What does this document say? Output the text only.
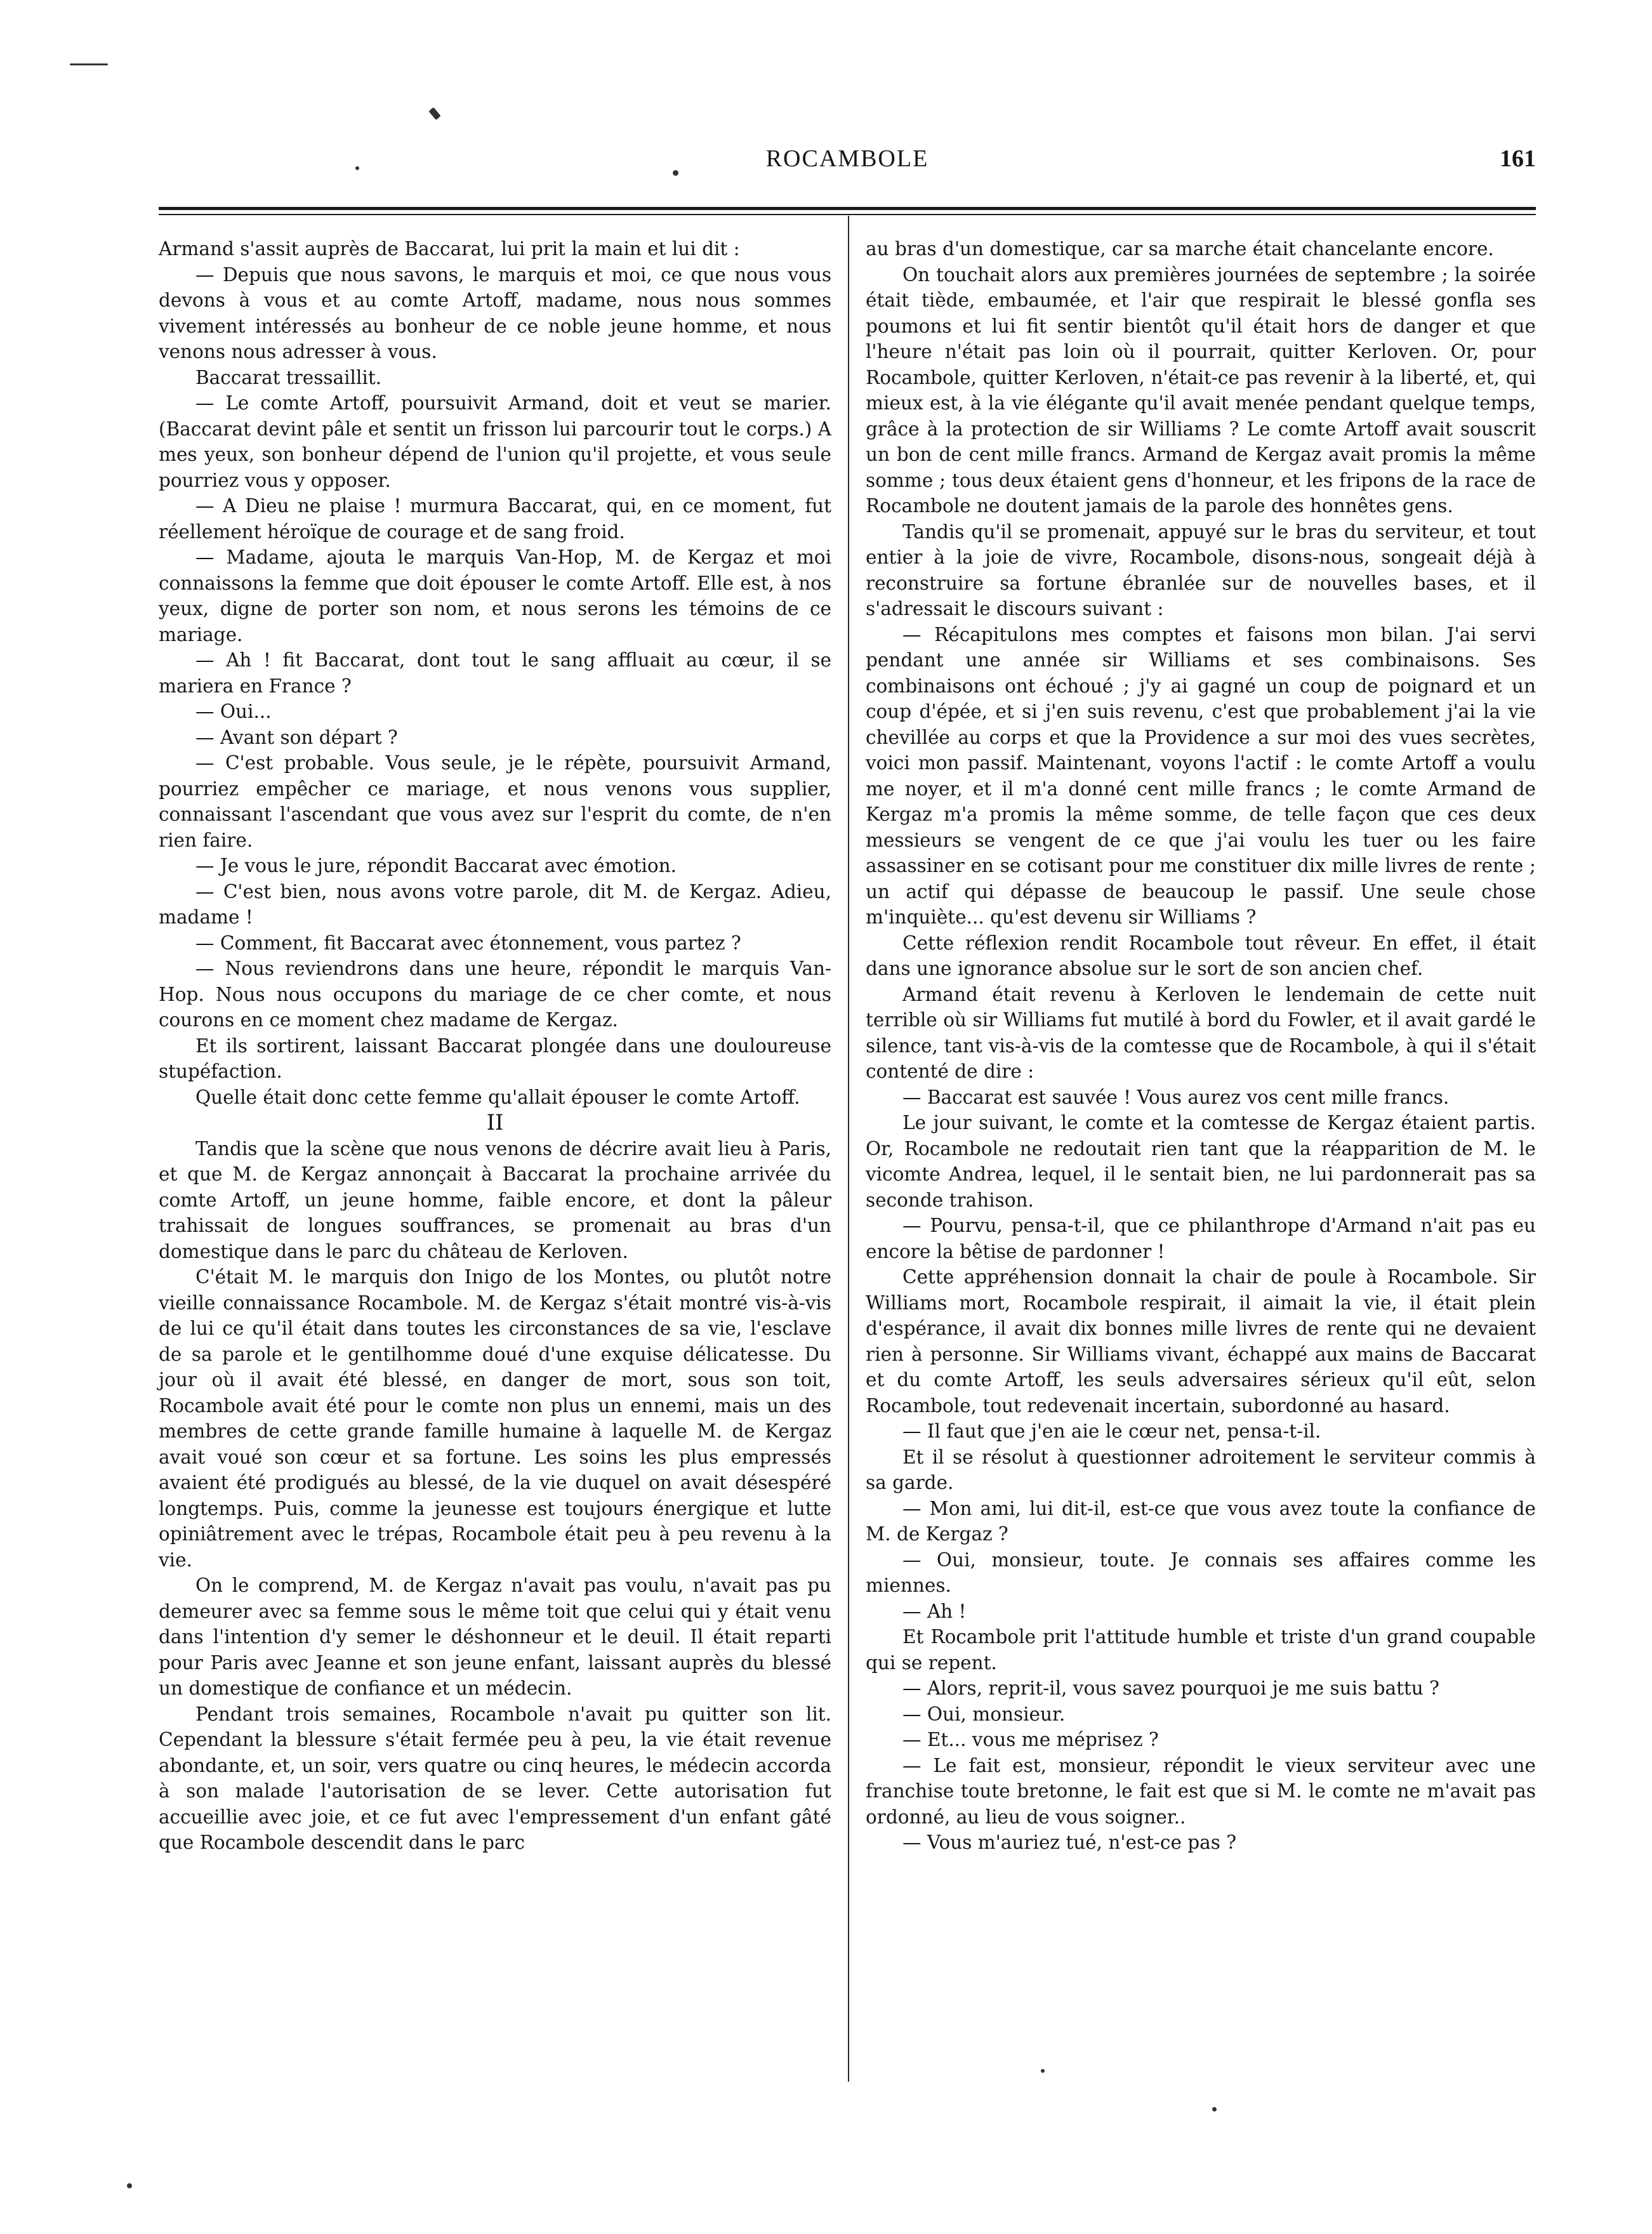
ROCAMBOLE	161

Armand s'assit auprès de Baccarat, lui prit la main et lui dit :

— Depuis que nous savons, le marquis et moi, ce que nous vous devons à vous et au comte Artoff, madame, nous nous sommes vivement intéressés au bonheur de ce noble jeune homme, et nous venons nous adresser à vous.

Baccarat tressaillit.

— Le comte Artoff, poursuivit Armand, doit et veut se marier. (Baccarat devint pâle et sentit un frisson lui parcourir tout le corps.) A mes yeux, son bonheur dépend de l'union qu'il projette, et vous seule pourriez vous y opposer.

— A Dieu ne plaise ! murmura Baccarat, qui, en ce moment, fut réellement héroïque de courage et de sang froid.

— Madame, ajouta le marquis Van-Hop, M. de Kergaz et moi connaissons la femme que doit épouser le comte Artoff. Elle est, à nos yeux, digne de porter son nom, et nous serons les témoins de ce mariage.

— Ah ! fit Baccarat, dont tout le sang affluait au cœur, il se mariera en France ?

— Oui...

— Avant son départ ?

— C'est probable. Vous seule, je le répète, poursuivit Armand, pourriez empêcher ce mariage, et nous venons vous supplier, connaissant l'ascendant que vous avez sur l'esprit du comte, de n'en rien faire.

— Je vous le jure, répondit Baccarat avec émotion.

— C'est bien, nous avons votre parole, dit M. de Kergaz. Adieu, madame !

— Comment, fit Baccarat avec étonnement, vous partez ?

— Nous reviendrons dans une heure, répondit le marquis Van-Hop. Nous nous occupons du mariage de ce cher comte, et nous courons en ce moment chez madame de Kergaz.

Et ils sortirent, laissant Baccarat plongée dans une douloureuse stupéfaction.

Quelle était donc cette femme qu'allait épouser le comte Artoff.

II

Tandis que la scène que nous venons de décrire avait lieu à Paris, et que M. de Kergaz annonçait à Baccarat la prochaine arrivée du comte Artoff, un jeune homme, faible encore, et dont la pâleur trahissait de longues souffrances, se promenait au bras d'un domestique dans le parc du château de Kerloven.

C'était M. le marquis don Inigo de los Montes, ou plutôt notre vieille connaissance Rocambole. M. de Kergaz s'était montré vis-à-vis de lui ce qu'il était dans toutes les circonstances de sa vie, l'esclave de sa parole et le gentilhomme doué d'une exquise délicatesse. Du jour où il avait été blessé, en danger de mort, sous son toit, Rocambole avait été pour le comte non plus un ennemi, mais un des membres de cette grande famille humaine à laquelle M. de Kergaz avait voué son cœur et sa fortune. Les soins les plus empressés avaient été prodigués au blessé, de la vie duquel on avait désespéré longtemps. Puis, comme la jeunesse est toujours énergique et lutte opiniâtrement avec le trépas, Rocambole était peu à peu revenu à la vie.

On le comprend, M. de Kergaz n'avait pas voulu, n'avait pas pu demeurer avec sa femme sous le même toit que celui qui y était venu dans l'intention d'y semer le déshonneur et le deuil. Il était reparti pour Paris avec Jeanne et son jeune enfant, laissant auprès du blessé un domestique de confiance et un médecin.

Pendant trois semaines, Rocambole n'avait pu quitter son lit. Cependant la blessure s'était fermée peu à peu, la vie était revenue abondante, et, un soir, vers quatre ou cinq heures, le médecin accorda à son malade l'autorisation de se lever. Cette autorisation fut accueillie avec joie, et ce fut avec l'empressement d'un enfant gâté que Rocambole descendit dans le parc

au bras d'un domestique, car sa marche était chancelante encore.

On touchait alors aux premières journées de septembre ; la soirée était tiède, embaumée, et l'air que respirait le blessé gonfla ses poumons et lui fit sentir bientôt qu'il était hors de danger et que l'heure n'était pas loin où il pourrait, quitter Kerloven. Or, pour Rocambole, quitter Kerloven, n'était-ce pas revenir à la liberté, et, qui mieux est, à la vie élégante qu'il avait menée pendant quelque temps, grâce à la protection de sir Williams ? Le comte Artoff avait souscrit un bon de cent mille francs. Armand de Kergaz avait promis la même somme ; tous deux étaient gens d'honneur, et les fripons de la race de Rocambole ne doutent jamais de la parole des honnêtes gens.

Tandis qu'il se promenait, appuyé sur le bras du serviteur, et tout entier à la joie de vivre, Rocambole, disons-nous, songeait déjà à reconstruire sa fortune ébranlée sur de nouvelles bases, et il s'adressait le discours suivant :

— Récapitulons mes comptes et faisons mon bilan. J'ai servi pendant une année sir Williams et ses combinaisons. Ses combinaisons ont échoué ; j'y ai gagné un coup de poignard et un coup d'épée, et si j'en suis revenu, c'est que probablement j'ai la vie chevillée au corps et que la Providence a sur moi des vues secrètes, voici mon passif. Maintenant, voyons l'actif : le comte Artoff a voulu me noyer, et il m'a donné cent mille francs ; le comte Armand de Kergaz m'a promis la même somme, de telle façon que ces deux messieurs se vengent de ce que j'ai voulu les tuer ou les faire assassiner en se cotisant pour me constituer dix mille livres de rente ; un actif qui dépasse de beaucoup le passif. Une seule chose m'inquiète... qu'est devenu sir Williams ?

Cette réflexion rendit Rocambole tout rêveur. En effet, il était dans une ignorance absolue sur le sort de son ancien chef.

Armand était revenu à Kerloven le lendemain de cette nuit terrible où sir Williams fut mutilé à bord du Fowler, et il avait gardé le silence, tant vis-à-vis de la comtesse que de Rocambole, à qui il s'était contenté de dire :

— Baccarat est sauvée ! Vous aurez vos cent mille francs.

Le jour suivant, le comte et la comtesse de Kergaz étaient partis. Or, Rocambole ne redoutait rien tant que la réapparition de M. le vicomte Andrea, lequel, il le sentait bien, ne lui pardonnerait pas sa seconde trahison.

— Pourvu, pensa-t-il, que ce philanthrope d'Armand n'ait pas eu encore la bêtise de pardonner !

Cette appréhension donnait la chair de poule à Rocambole. Sir Williams mort, Rocambole respirait, il aimait la vie, il était plein d'espérance, il avait dix bonnes mille livres de rente qui ne devaient rien à personne. Sir Williams vivant, échappé aux mains de Baccarat et du comte Artoff, les seuls adversaires sérieux qu'il eût, selon Rocambole, tout redevenait incertain, subordonné au hasard.

— Il faut que j'en aie le cœur net, pensa-t-il.

Et il se résolut à questionner adroitement le serviteur commis à sa garde.

— Mon ami, lui dit-il, est-ce que vous avez toute la confiance de M. de Kergaz ?

— Oui, monsieur, toute. Je connais ses affaires comme les miennes.

— Ah !

Et Rocambole prit l'attitude humble et triste d'un grand coupable qui se repent.

— Alors, reprit-il, vous savez pourquoi je me suis battu ?

— Oui, monsieur.

— Et... vous me méprisez ?

— Le fait est, monsieur, répondit le vieux serviteur avec une franchise toute bretonne, le fait est que si M. le comte ne m'avait pas ordonné, au lieu de vous soigner..

— Vous m'auriez tué, n'est-ce pas ?
